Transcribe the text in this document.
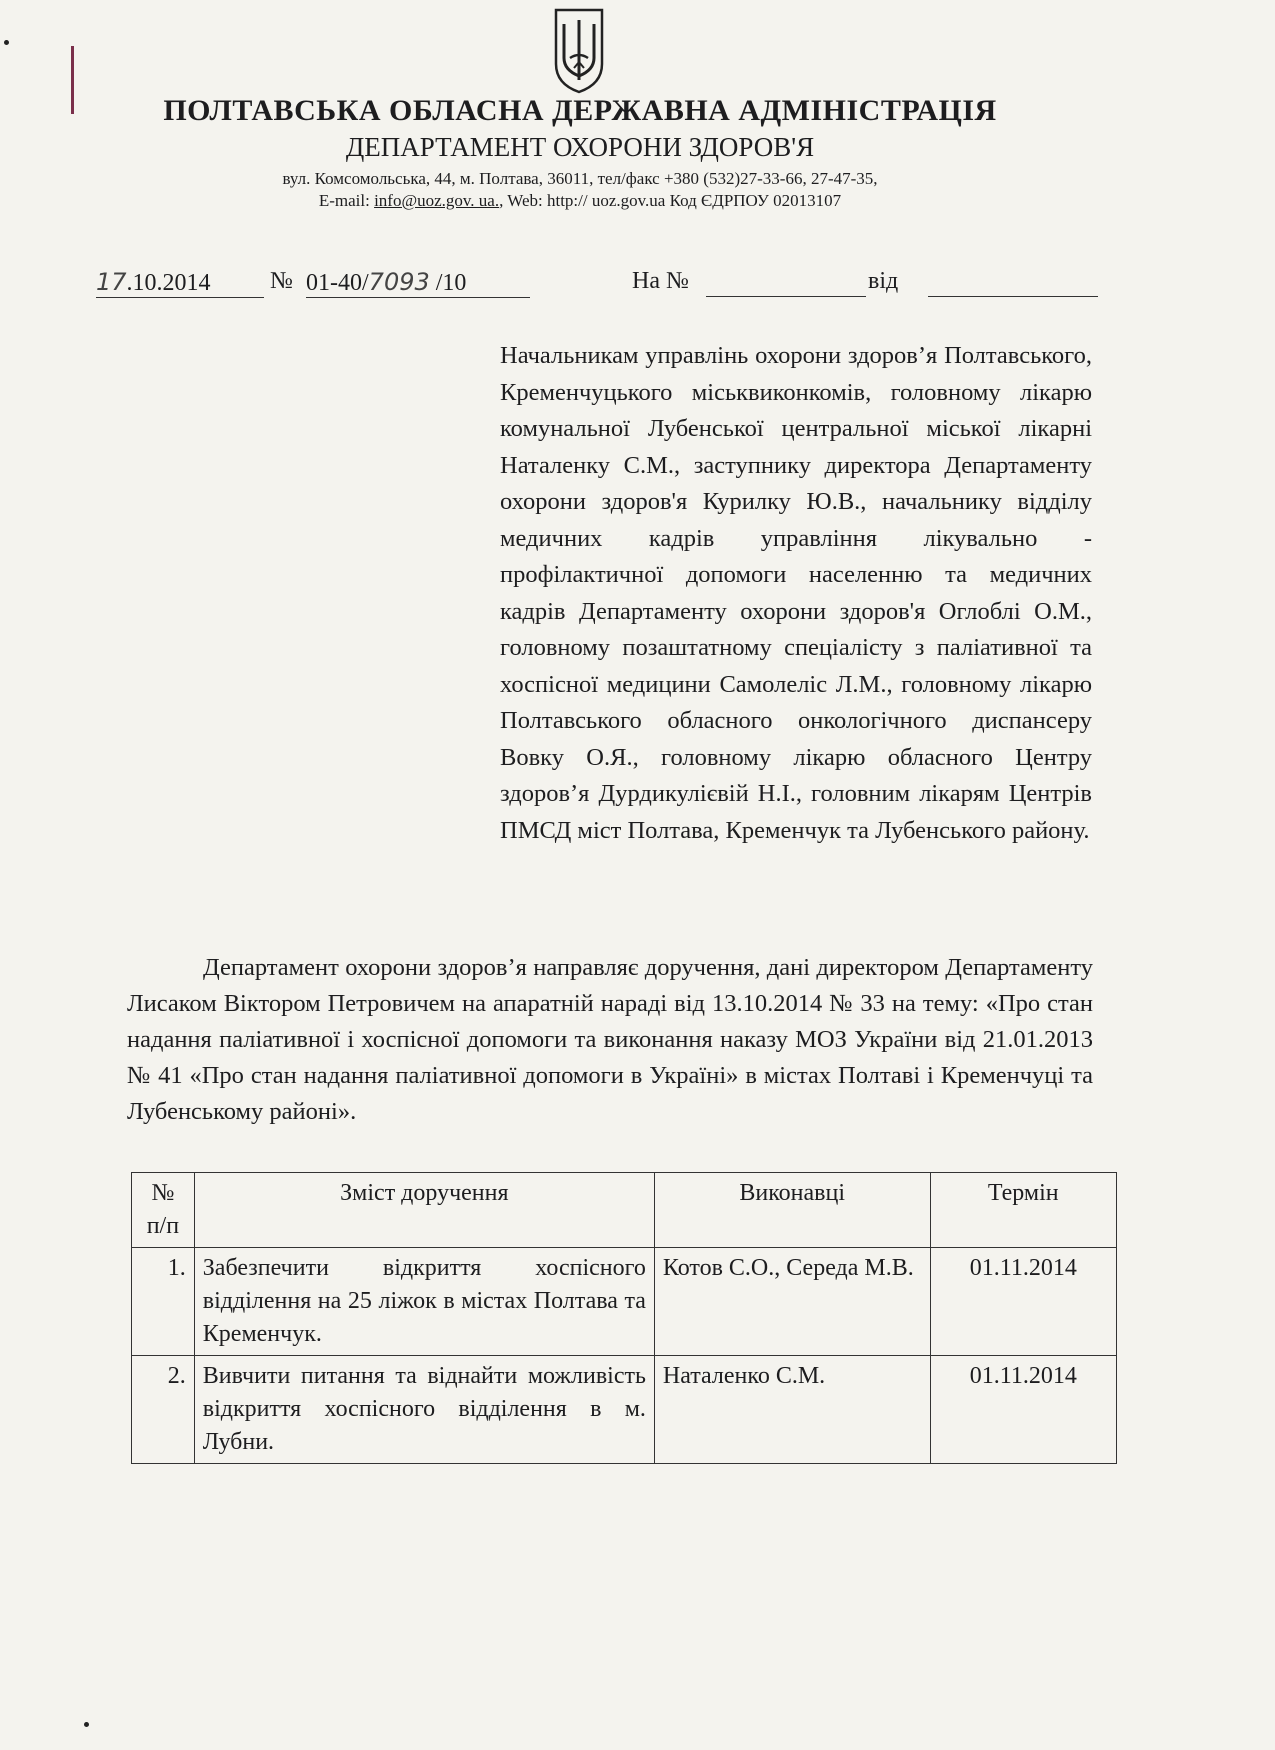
ПОЛТАВСЬКА ОБЛАСНА ДЕРЖАВНА АДМІНІСТРАЦІЯ
ДЕПАРТАМЕНТ ОХОРОНИ ЗДОРОВ'Я
вул. Комсомольська, 44, м. Полтава, 36011, тел/факс +380 (532)27-33-66, 27-47-35,
E-mail: info@uoz.gov. ua., Web: http:// uoz.gov.ua Код ЄДРПОУ 02013107
17.10.2014	№ 01-40/7093 /10	На №	від
Начальникам управлінь охорони здоров’я Полтавського, Кременчуцького міськвиконкомів, головному лікарю комунальної Лубенської центральної міської лікарні Наталенку С.М., заступнику директора Департаменту охорони здоров'я Курилку Ю.В., начальнику відділу медичних кадрів управління лікувально - профілактичної допомоги населенню та медичних кадрів Департаменту охорони здоров'я Оглоблі О.М., головному позаштатному спеціалісту з паліативної та хоспісної медицини Самолеліс Л.М., головному лікарю Полтавського обласного онкологічного диспансеру Вовку О.Я., головному лікарю обласного Центру здоров’я Дурдикулієвій Н.І., головним лікарям Центрів ПМСД міст Полтава, Кременчук та Лубенського району.
Департамент охорони здоров’я направляє доручення, дані директором Департаменту Лисаком Віктором Петровичем на апаратній нараді від 13.10.2014 № 33 на тему: «Про стан надання паліативної і хоспісної допомоги та виконання наказу МОЗ України від 21.01.2013 № 41 «Про стан надання паліативної допомоги в Україні» в містах Полтаві і Кременчуці та Лубенському районі».
№ п/п	Зміст доручення	Виконавці	Термін
1.	Забезпечити відкриття хоспісного відділення на 25 ліжок в містах Полтава та Кременчук.	Котов С.О., Середа М.В.	01.11.2014
2.	Вивчити питання та віднайти можливість відкриття хоспісного відділення в м. Лубни.	Наталенко С.М.	01.11.2014
